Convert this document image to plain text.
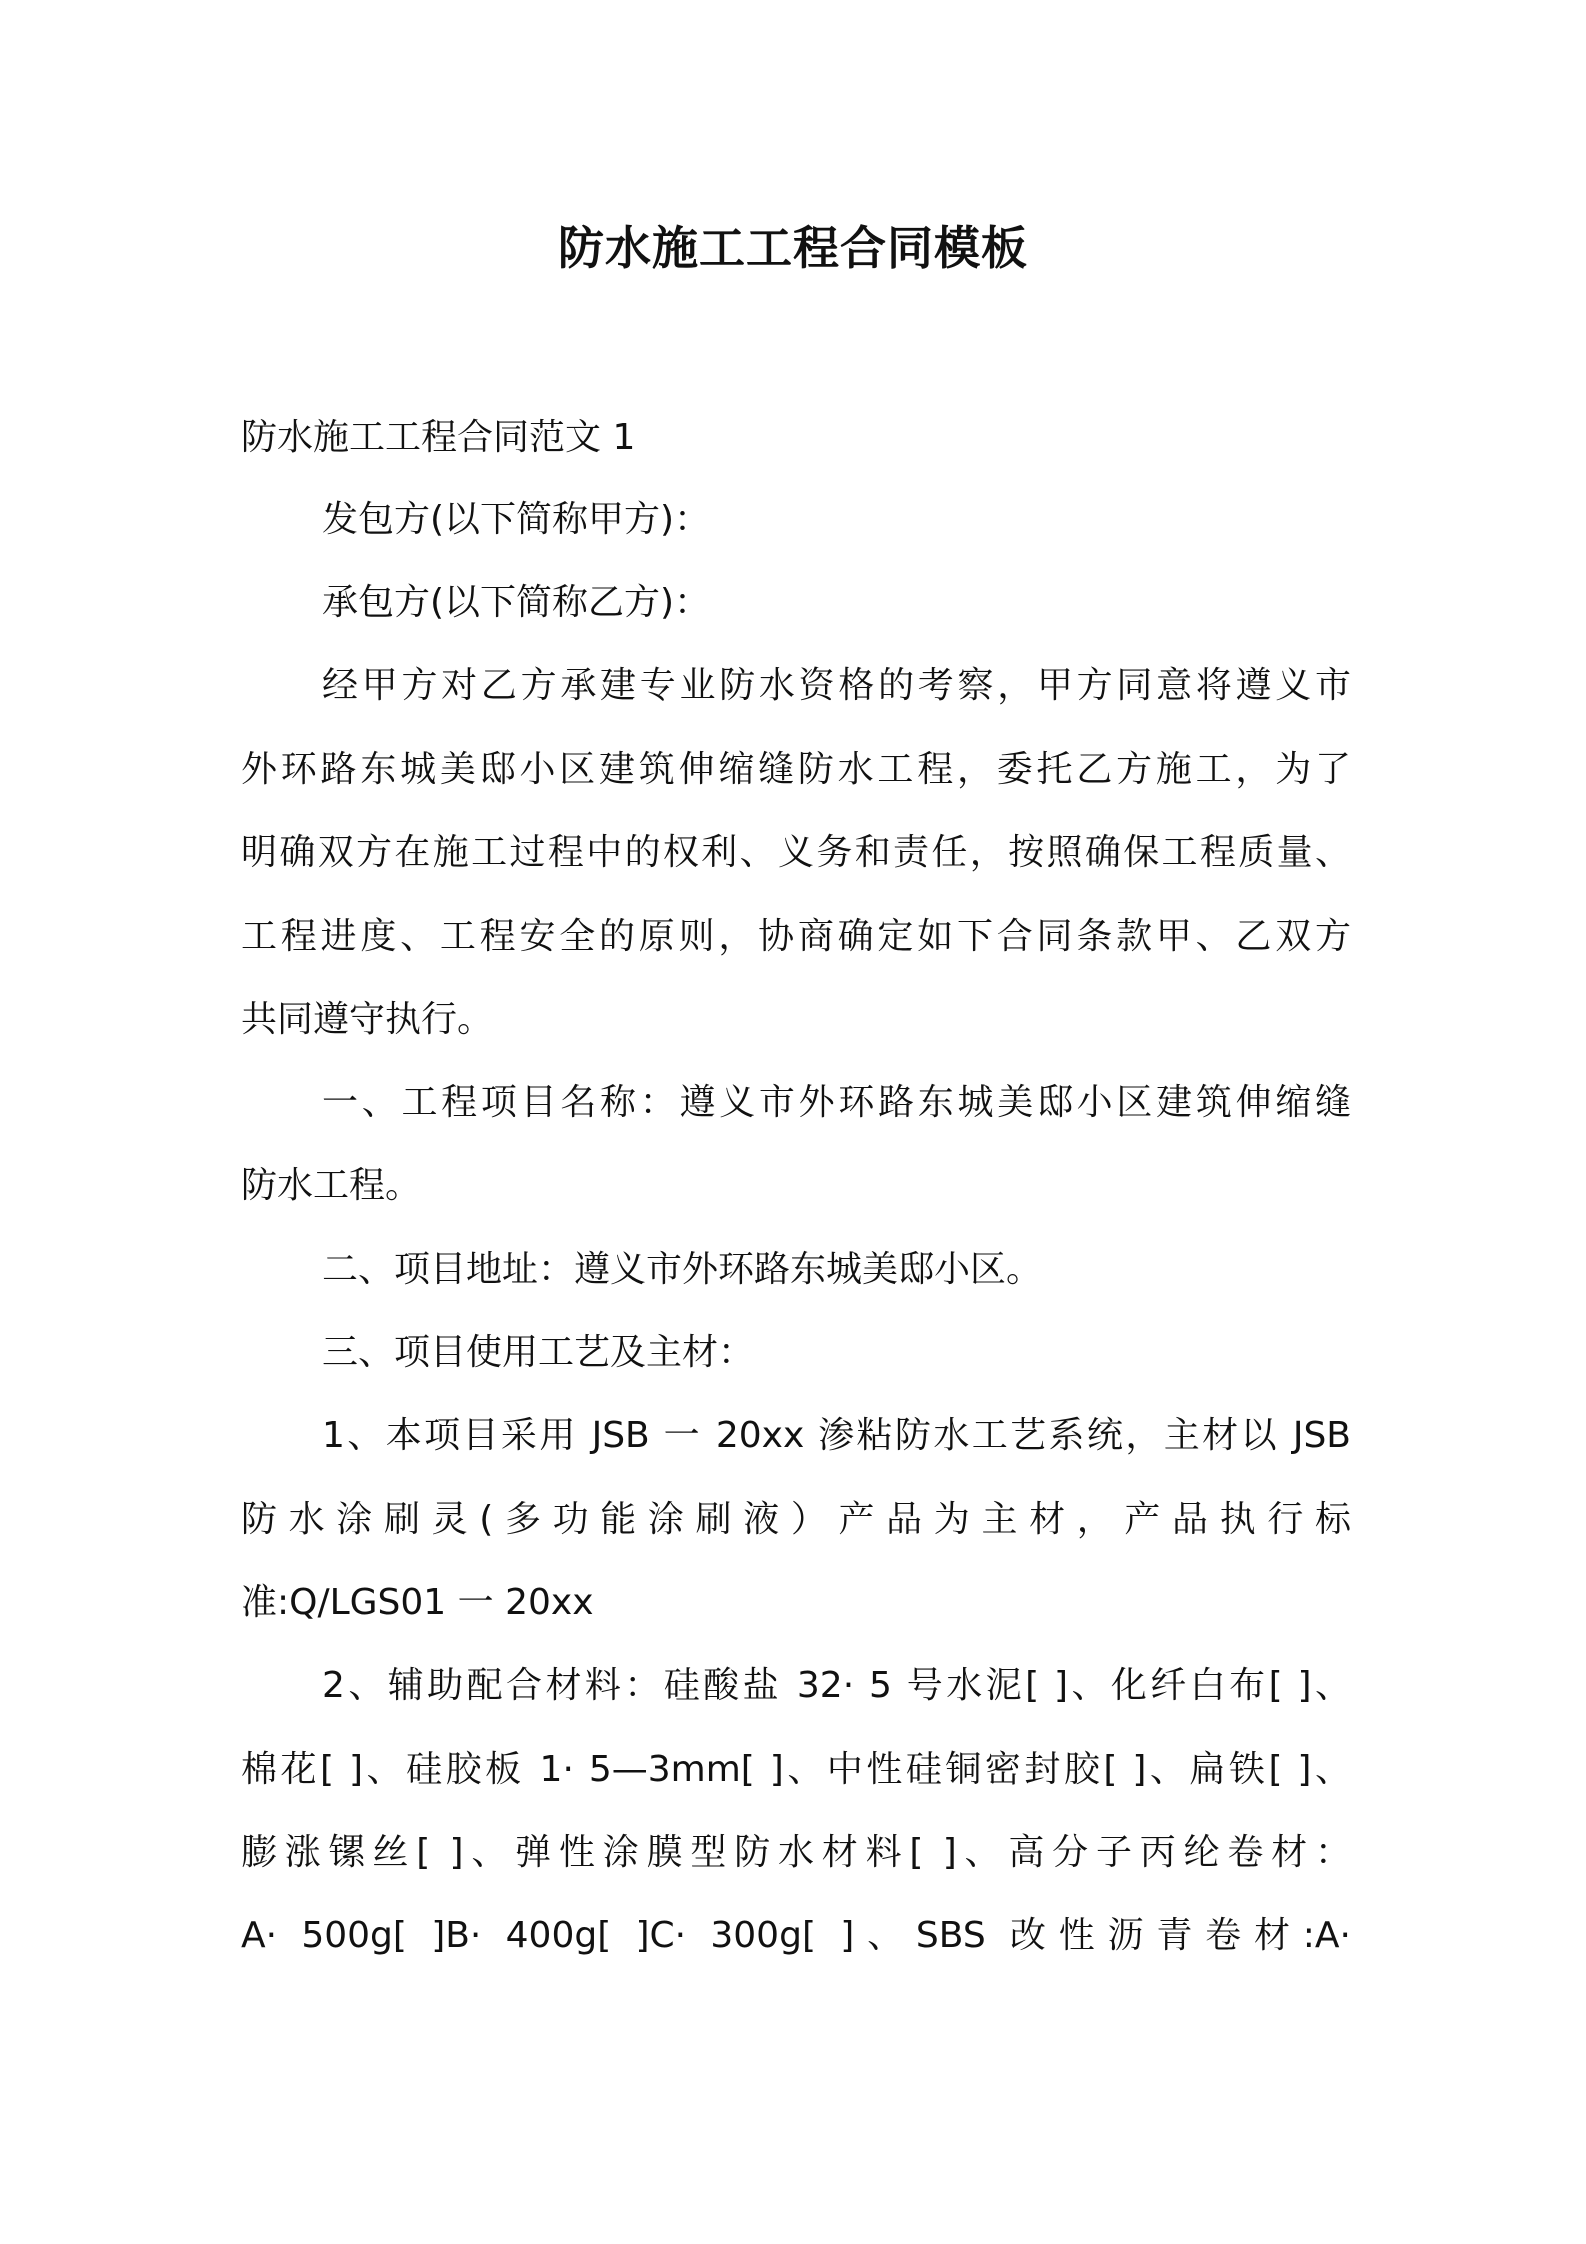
防水施工工程合同模板
防水施工工程合同范文 1
发包方(以下简称甲方)：
承包方(以下简称乙方)：
经甲方对乙方承建专业防水资格的考察，甲方同意将遵义市
外环路东城美邸小区建筑伸缩缝防水工程，委托乙方施工，为了
明确双方在施工过程中的权利、义务和责任，按照确保工程质量、
工程进度、工程安全的原则，协商确定如下合同条款甲、乙双方
共同遵守执行。
一、工程项目名称：遵义市外环路东城美邸小区建筑伸缩缝
防水工程。
二、项目地址：遵义市外环路东城美邸小区。
三、项目使用工艺及主材：
1、本项目采用 JSB 一 20xx 渗粘防水工艺系统，主材以 JSB
防水涂刷灵(多功能涂刷液）产品为主材，产品执行标
准:Q/LGS01 一 20xx
2、辅助配合材料：硅酸盐 32· 5 号水泥[ ]、化纤白布[ ]、
棉花[ ]、硅胶板 1· 5—3mm[ ]、中性硅铜密封胶[ ]、扁铁[ ]、
膨涨镙丝[ ]、弹性涂膜型防水材料[ ]、高分子丙纶卷材：
A· 500g[ ]B· 400g[ ]C· 300g[ ]、SBS 改性沥青卷材:A·
